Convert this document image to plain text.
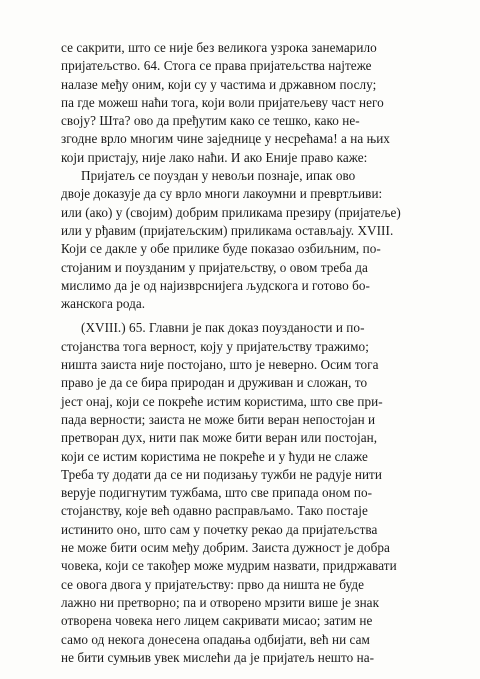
се сакрити, што се није без великога узрока занемарило
пријатељство. 64. Стога се права пријатељства најтеже
налазе међу оним, који су у частима и државном послу;
па где можеш наћи тога, који воли пријатељеву част него
своју? Шта? ово да пређутим како се тешко, како не-
згодне врло многим чине заједнице у несрећама! а на њих
који пристају, није лако наћи. И ако Еније право каже:
Пријатељ се поуздан у невољи познаје, ипак ово
двоје доказује да су врло многи лакоумни и превртљиви:
или (ако) у (својим) добрим приликама презиру (пријатеље)
или у рђавим (пријатељским) приликама остављају. XVIII.
Који се дакле у обе прилике буде показао озбиљним, по-
стојаним и поузданим у пријатељству, о овом треба да
мислимо да је од најизврснијега људскога и готово бо-
жанскога рода.
(XVIII.) 65. Главни је пак доказ поузданости и по-
стојанства тога верност, коју у пријатељству тражимо;
ништа заиста није постојано, што је неверно. Осим тога
право је да се бира природан и друживан и сложан, то
јест онај, који се покреће истим користима, што све при-
пада верности; заиста не може бити веран непостојан и
претворан дух, нити пак може бити веран или постојан,
који се истим користима не покреће и у ћуди не слаже
Треба ту додати да се ни подизању тужби не радује нити
верује подигнутим тужбама, што све припада оном по-
стојанству, које већ одавно расправљамо. Тако постаје
истинито оно, што сам у почетку рекао да пријатељства
не може бити осим међу добрим. Заиста дужност је добра
човека, који се такођер може мудрим назвати, придржавати
се овога двога у пријатељству: прво да ништа не буде
лажно ни претворно; па и отворено мрзити више је знак
отворена човека него лицем сакривати мисао; затим не
само од некога донесена опадања одбијати, већ ни сам
не бити сумњив увек мислећи да је пријатељ нешто на-
